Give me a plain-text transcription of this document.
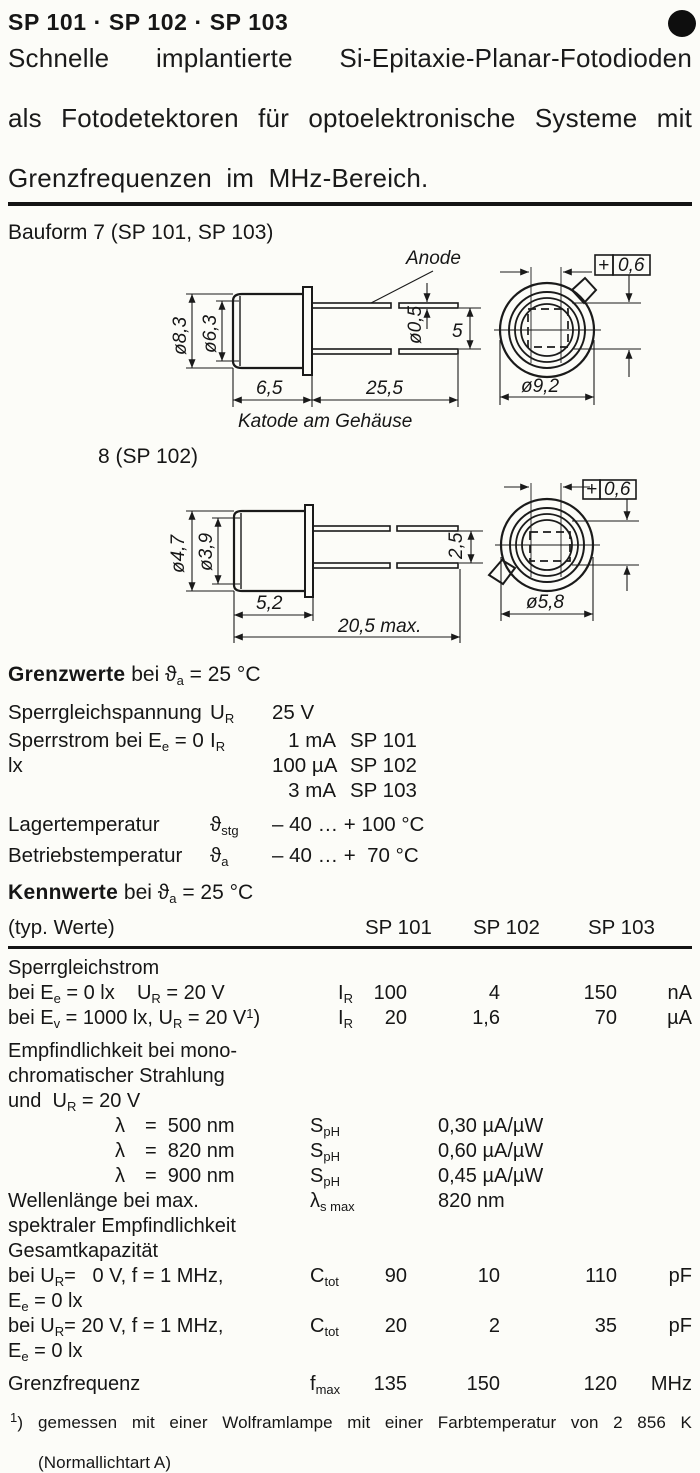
SP 101 · SP 102 · SP 103
Schnelle implantierte Si-Epitaxie-Planar-Fotodioden
als Fotodetektoren für optoelektronische Systeme mit
Grenzfrequenzen im MHz-Bereich.
Bauform 7 (SP 101, SP 103)
Anode
ø8,3 ø6,3	ø0,5
6,5	25,5
5
ø9,2
+ 0,6
Katode am Gehäuse
8 (SP 102)
ø4,7 ø3,9
5,2
20,5 max.
2,5
ø5,8
+ 0,6
Grenzwerte bei $ϑ_a = 25$ °C
Sperrgleichspannung $U_R$	25 V
Sperrstrom bei $E_e = 0$ lx
$I_R$	1 mA SP 101
100 µA SP 102
3 mA SP 103
Lagertemperatur	$ϑ_{stg}$	– 40 … + 100 °C
Betriebstemperatur	$ϑ_a$	– 40 … +  70 °C
Kennwerte bei $ϑ_a = 25$ °C
(typ. Werte)	SP 101	SP 102	SP 103
Sperrgleichstrom
bei $E_e = 0$ lx    $U_R = 20$ V	$I_R$	100	4	150	nA
bei $E_v = 1000$ lx, $U_R = 20$ $V^1$)	$I_R$	20	1,6	70	µA
Empfindlichkeit bei mono-
chromatischer Strahlung
und  $U_R = 20$ V
λ =  500 nm	$S_{pH}$	0,30 µA/µW
λ =  820 nm	$S_{pH}$	0,60 µA/µW
λ =  900 nm	$S_{pH}$	0,45 µA/µW
Wellenlänge bei max.
spektraler Empfindlichkeit
$\lambda_{s max}$	820 nm
Gesamtkapazität
bei $U_R= 0$ V, f = 1 MHz,
$E_e = 0$ lx
$C_{tot}$	90	10	110	pF
bei $U_R= 20$ V, f = 1 MHz,
$E_e = 0$ lx
$C_{tot}$	20	2	35	pF
Grenzfrequenz	$f_{max}$	135	150	120	MHz
$^1$) gemessen mit einer Wolframlampe mit einer Farbtemperatur von 2 856 K
(Normallichtart A)
